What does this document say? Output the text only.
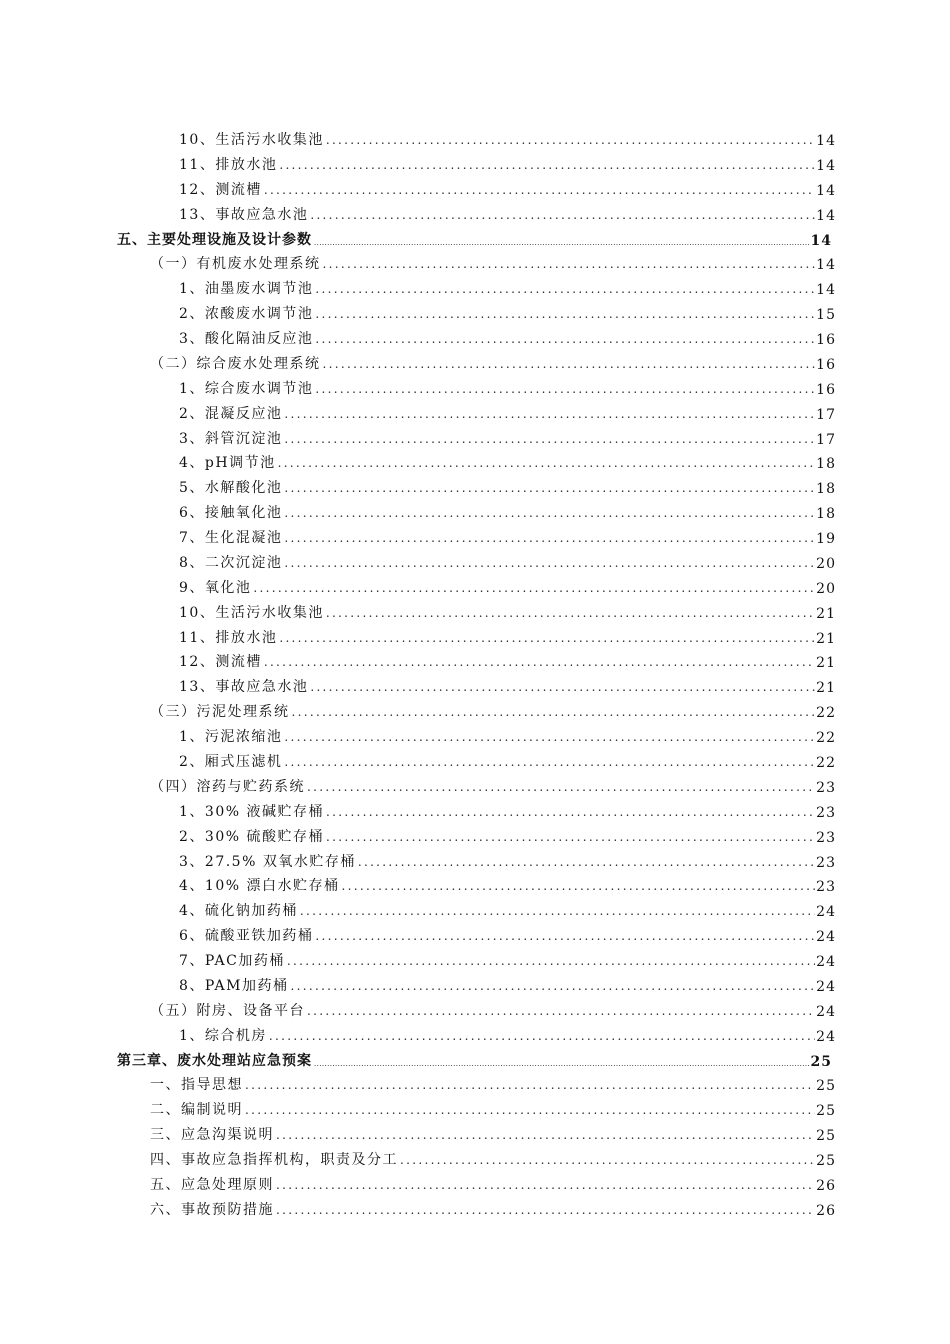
10、生活污水收集池 .....	14
11、排放水池 .....	14
12、测流槽 .....	14
13、事故应急水池 .....	14
五、主要处理设施及设计参数 .....	14
（一）有机废水处理系统 .....	14
1、油墨废水调节池 .....	14
2、浓酸废水调节池 .....	15
3、酸化隔油反应池 .....	16
（二）综合废水处理系统 .....	16
1、综合废水调节池 .....	16
2、混凝反应池 .....	17
3、斜管沉淀池 .....	17
4、pH调节池 .....	18
5、水解酸化池 .....	18
6、接触氧化池 .....	18
7、生化混凝池 .....	19
8、二次沉淀池 .....	20
9、氧化池 .....	20
10、生活污水收集池 .....	21
11、排放水池 .....	21
12、测流槽 .....	21
13、事故应急水池 .....	21
（三）污泥处理系统 .....	22
1、污泥浓缩池 .....	22
2、厢式压滤机 .....	22
（四）溶药与贮药系统 .....	23
1、30% 液碱贮存桶 .....	23
2、30% 硫酸贮存桶 .....	23
3、27.5% 双氧水贮存桶 .....	23
4、10% 漂白水贮存桶 .....	23
4、硫化钠加药桶 .....	24
6、硫酸亚铁加药桶 .....	24
7、PAC加药桶 .....	24
8、PAM加药桶 .....	24
（五）附房、设备平台 .....	24
1、综合机房 .....	24
第三章、废水处理站应急预案 .....	25
一、指导思想 .....	25
二、编制说明 .....	25
三、应急沟渠说明 .....	25
四、事故应急指挥机构，职责及分工 .....	25
五、应急处理原则 .....	26
六、事故预防措施 .....	26
